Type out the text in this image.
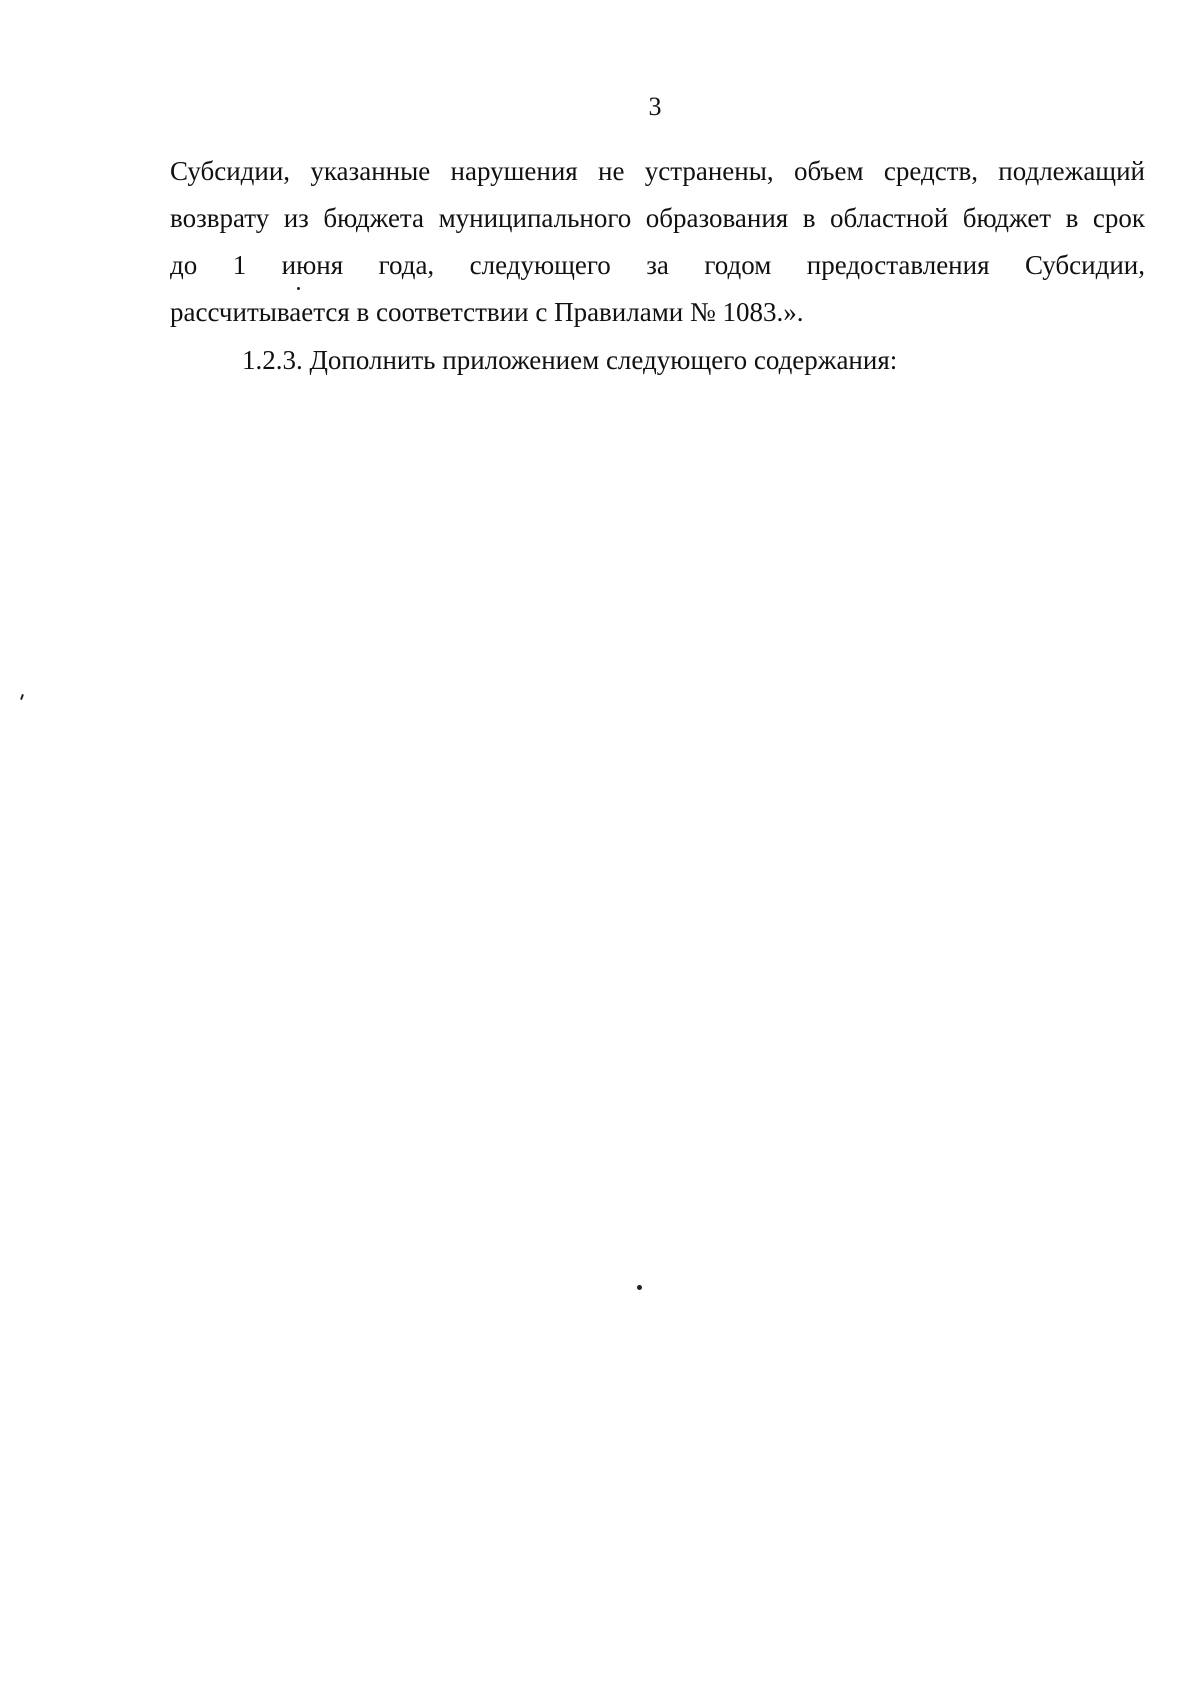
3
Субсидии, указанные нарушения не устранены, объем средств, подлежащий
возврату из бюджета муниципального образования в областной бюджет в срок
до 1 июня года, следующего за годом предоставления Субсидии,
рассчитывается в соответствии с Правилами № 1083.».
1.2.3. Дополнить приложением следующего содержания:
